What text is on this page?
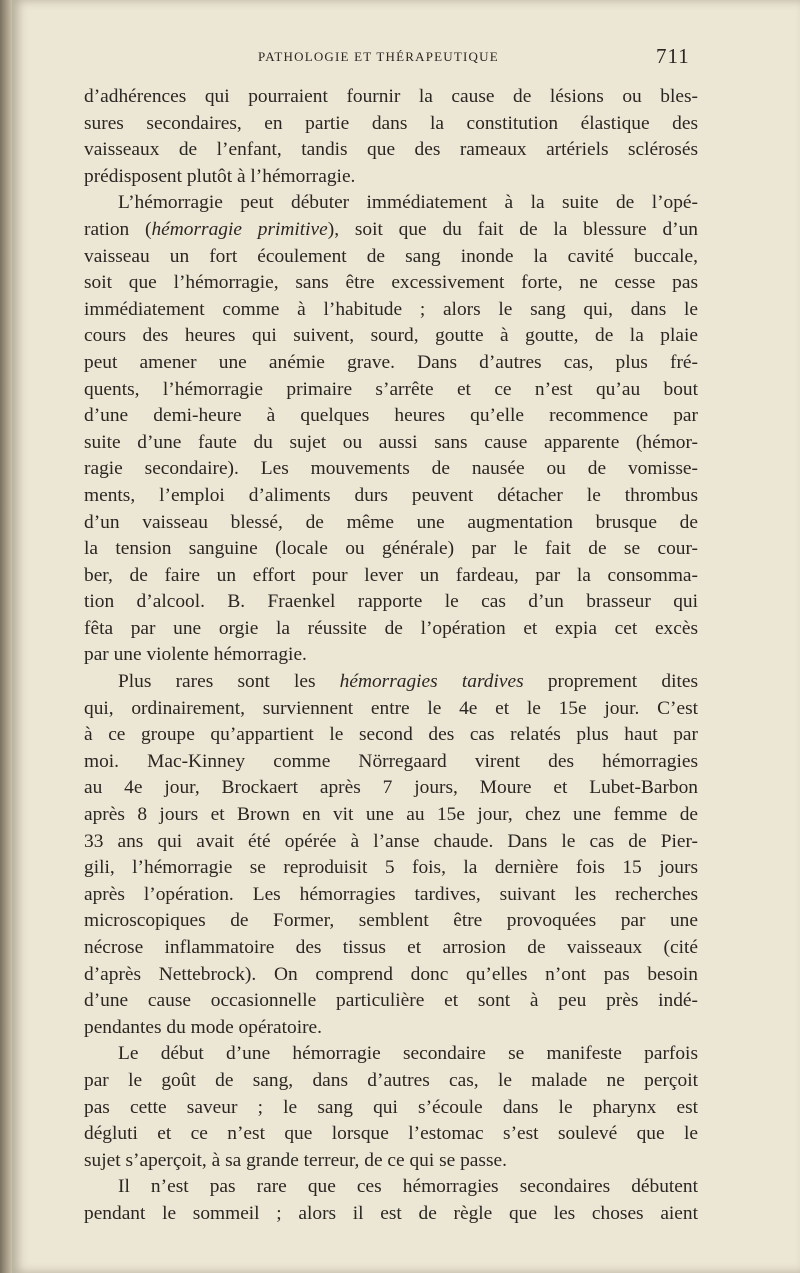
PATHOLOGIE ET THÉRAPEUTIQUE	711

d’adhérences qui pourraient fournir la cause de lésions ou bles-
sures secondaires, en partie dans la constitution élastique des
vaisseaux de l’enfant, tandis que des rameaux artériels sclérosés
prédisposent plutôt à l’hémorragie.

L’hémorragie peut débuter immédiatement à la suite de l’opé-
ration (hémorragie primitive), soit que du fait de la blessure d’un
vaisseau un fort écoulement de sang inonde la cavité buccale,
soit que l’hémorragie, sans être excessivement forte, ne cesse pas
immédiatement comme à l’habitude ; alors le sang qui, dans le
cours des heures qui suivent, sourd, goutte à goutte, de la plaie
peut amener une anémie grave. Dans d’autres cas, plus fré-
quents, l’hémorragie primaire s’arrête et ce n’est qu’au bout
d’une demi-heure à quelques heures qu’elle recommence par
suite d’une faute du sujet ou aussi sans cause apparente (hémor-
ragie secondaire). Les mouvements de nausée ou de vomisse-
ments, l’emploi d’aliments durs peuvent détacher le thrombus
d’un vaisseau blessé, de même une augmentation brusque de
la tension sanguine (locale ou générale) par le fait de se cour-
ber, de faire un effort pour lever un fardeau, par la consomma-
tion d’alcool. B. Fraenkel rapporte le cas d’un brasseur qui
fêta par une orgie la réussite de l’opération et expia cet excès
par une violente hémorragie.

Plus rares sont les hémorragies tardives proprement dites
qui, ordinairement, surviennent entre le 4e et le 15e jour. C’est
à ce groupe qu’appartient le second des cas relatés plus haut par
moi. Mac-Kinney comme Nörregaard virent des hémorragies
au 4e jour, Brockaert après 7 jours, Moure et Lubet-Barbon
après 8 jours et Brown en vit une au 15e jour, chez une femme de
33 ans qui avait été opérée à l’anse chaude. Dans le cas de Pier-
gili, l’hémorragie se reproduisit 5 fois, la dernière fois 15 jours
après l’opération. Les hémorragies tardives, suivant les recherches
microscopiques de Former, semblent être provoquées par une
nécrose inflammatoire des tissus et arrosion de vaisseaux (cité
d’après Nettebrock). On comprend donc qu’elles n’ont pas besoin
d’une cause occasionnelle particulière et sont à peu près indé-
pendantes du mode opératoire.

Le début d’une hémorragie secondaire se manifeste parfois
par le goût de sang, dans d’autres cas, le malade ne perçoit
pas cette saveur ; le sang qui s’écoule dans le pharynx est
dégluti et ce n’est que lorsque l’estomac s’est soulevé que le
sujet s’aperçoit, à sa grande terreur, de ce qui se passe.

Il n’est pas rare que ces hémorragies secondaires débutent
pendant le sommeil ; alors il est de règle que les choses aient
